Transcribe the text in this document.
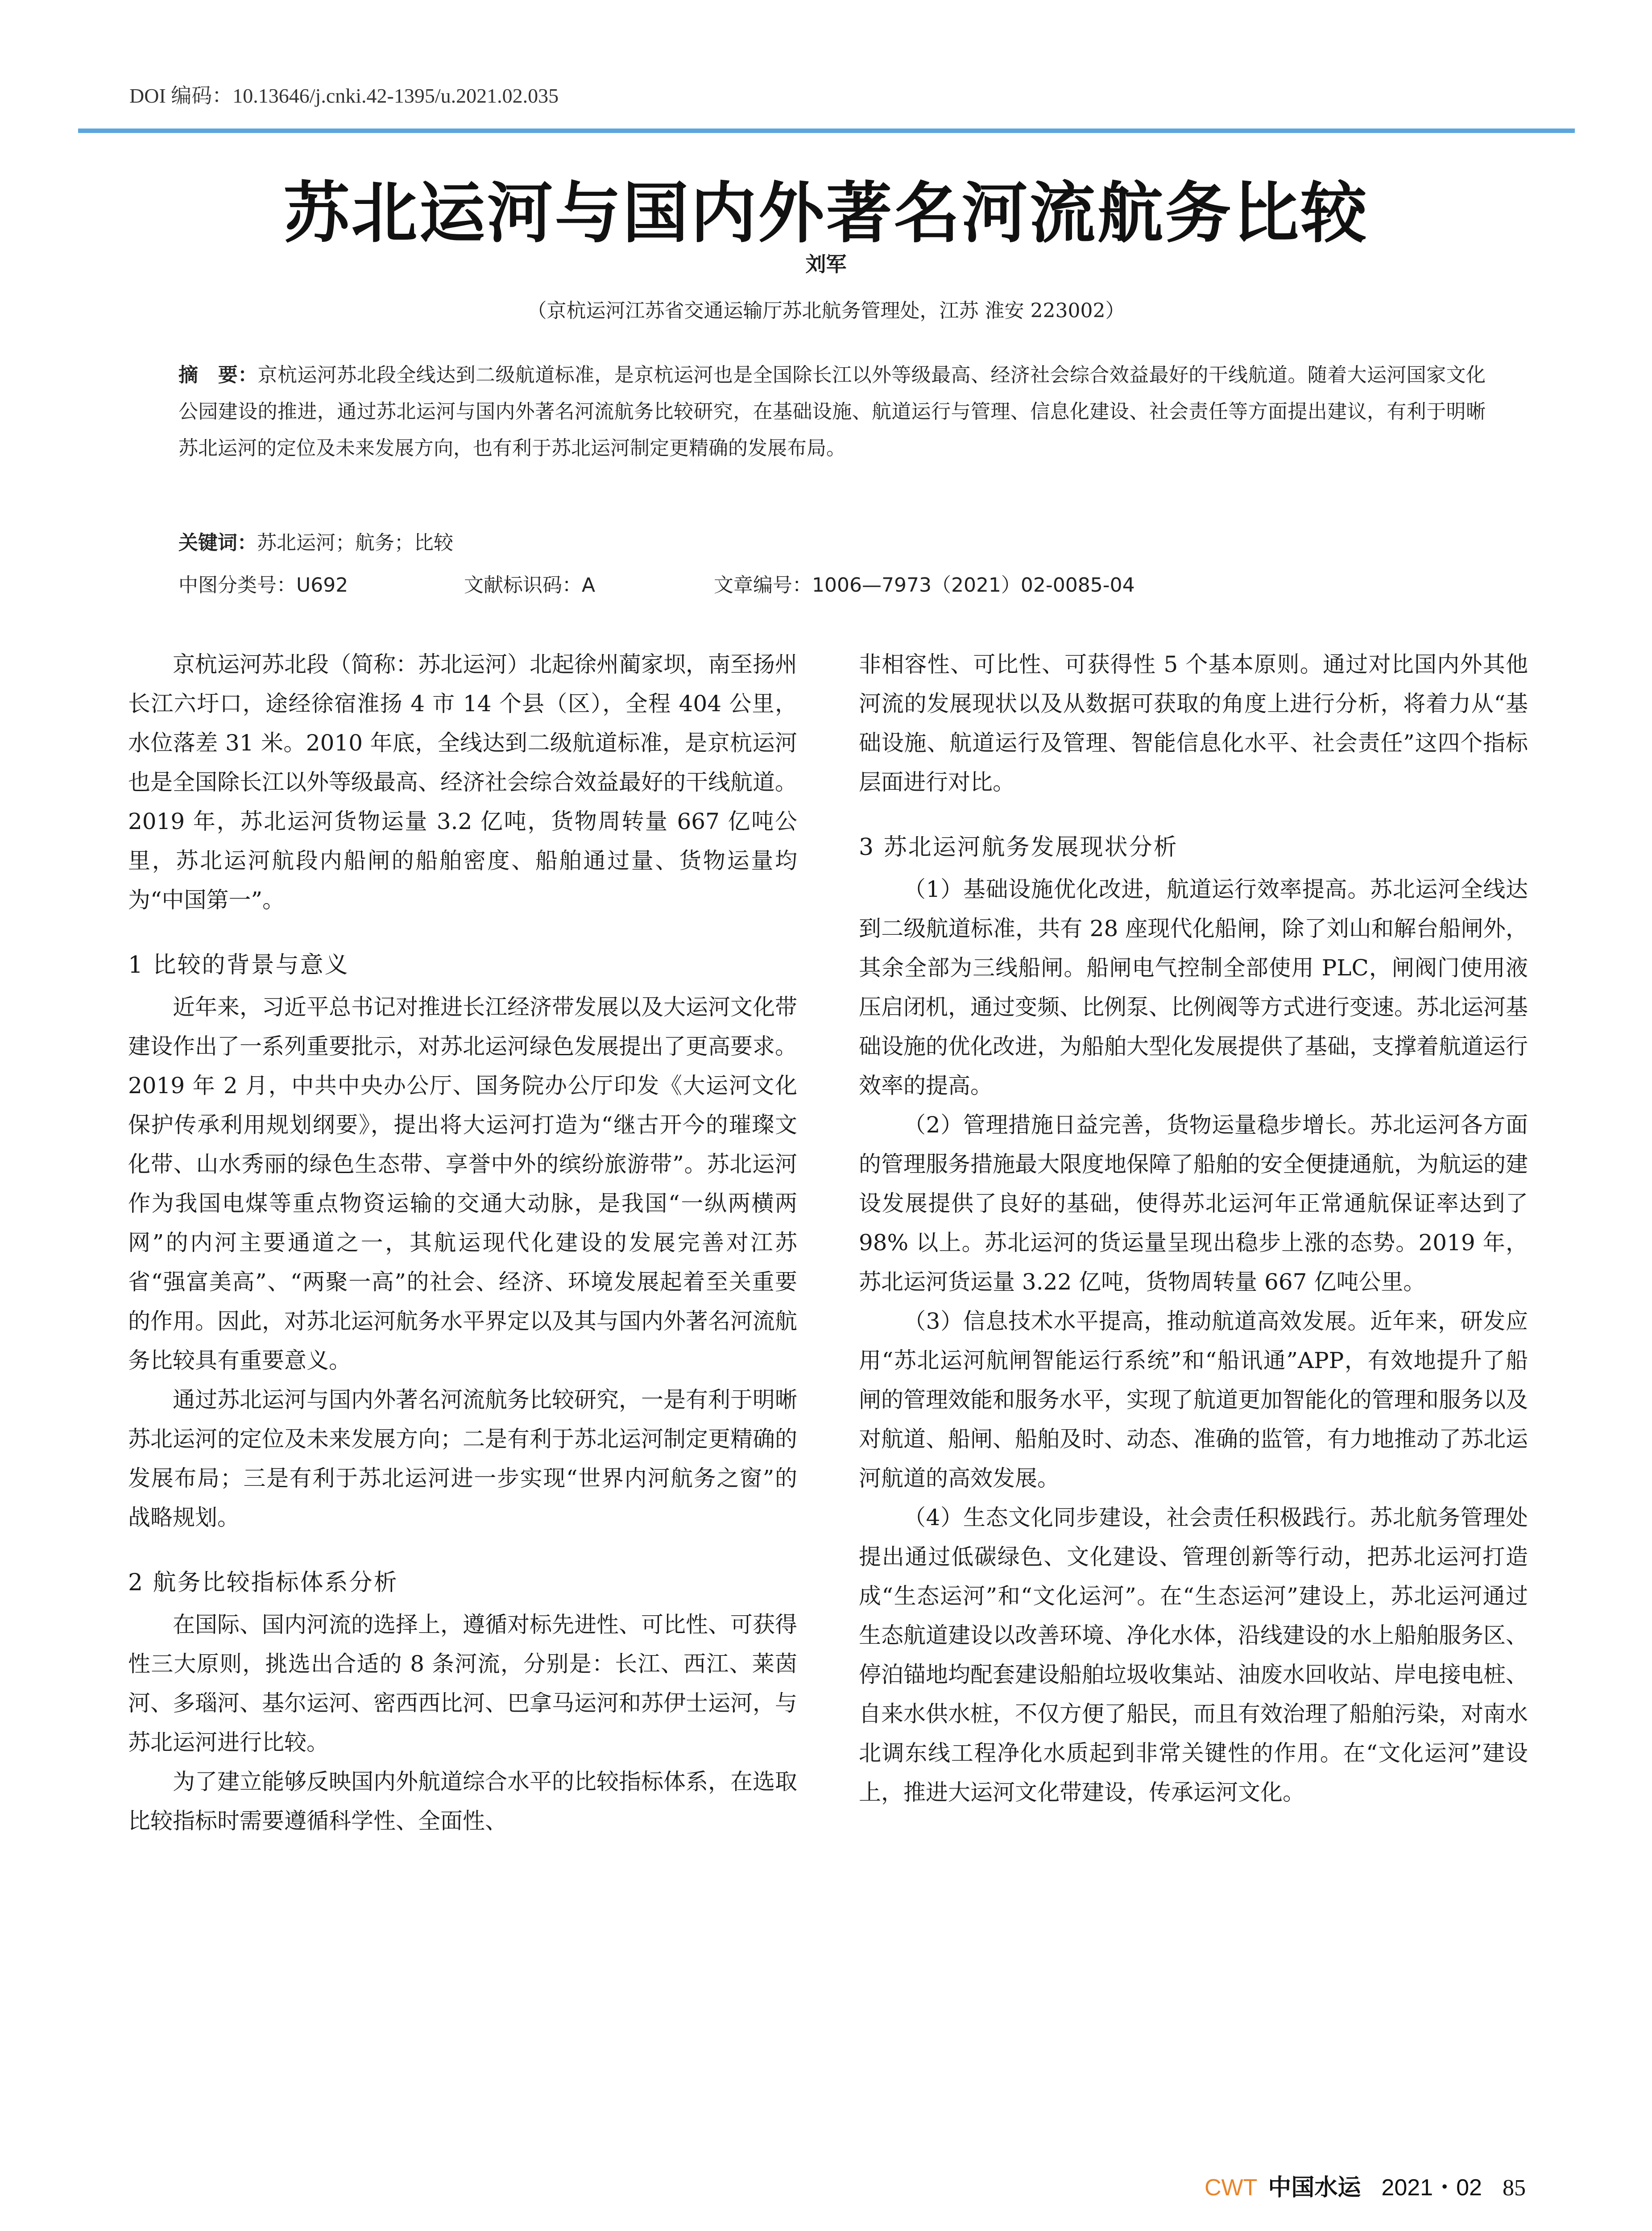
DOI 编码：10.13646/j.cnki.42-1395/u.2021.02.035
苏北运河与国内外著名河流航务比较
刘军
（京杭运河江苏省交通运输厅苏北航务管理处，江苏 淮安 223002）
摘　要：京杭运河苏北段全线达到二级航道标准，是京杭运河也是全国除长江以外等级最高、经济社会综合效益最好的干线航道。随着大运河国家文化公园建设的推进，通过苏北运河与国内外著名河流航务比较研究，在基础设施、航道运行与管理、信息化建设、社会责任等方面提出建议，有利于明晰苏北运河的定位及未来发展方向，也有利于苏北运河制定更精确的发展布局。
关键词：苏北运河；航务；比较
中图分类号：U692	文献标识码：A	文章编号：1006—7973（2021）02-0085-04

京杭运河苏北段（简称：苏北运河）北起徐州蔺家坝，南至扬州长江六圩口，途经徐宿淮扬 4 市 14 个县（区），全程 404 公里，水位落差 31 米。2010 年底，全线达到二级航道标准，是京杭运河也是全国除长江以外等级最高、经济社会综合效益最好的干线航道。2019 年，苏北运河货物运量 3.2 亿吨，货物周转量 667 亿吨公里，苏北运河航段内船闸的船舶密度、船舶通过量、货物运量均为“中国第一”。

1 比较的背景与意义

近年来，习近平总书记对推进长江经济带发展以及大运河文化带建设作出了一系列重要批示，对苏北运河绿色发展提出了更高要求。2019 年 2 月，中共中央办公厅、国务院办公厅印发《大运河文化保护传承利用规划纲要》，提出将大运河打造为“继古开今的璀璨文化带、山水秀丽的绿色生态带、享誉中外的缤纷旅游带”。苏北运河作为我国电煤等重点物资运输的交通大动脉，是我国“一纵两横两网”的内河主要通道之一，其航运现代化建设的发展完善对江苏省“强富美高”、“两聚一高”的社会、经济、环境发展起着至关重要的作用。因此，对苏北运河航务水平界定以及其与国内外著名河流航务比较具有重要意义。

通过苏北运河与国内外著名河流航务比较研究，一是有利于明晰苏北运河的定位及未来发展方向；二是有利于苏北运河制定更精确的发展布局；三是有利于苏北运河进一步实现“世界内河航务之窗”的战略规划。

2 航务比较指标体系分析

在国际、国内河流的选择上，遵循对标先进性、可比性、可获得性三大原则，挑选出合适的 8 条河流，分别是：长江、西江、莱茵河、多瑙河、基尔运河、密西西比河、巴拿马运河和苏伊士运河，与苏北运河进行比较。

为了建立能够反映国内外航道综合水平的比较指标体系，在选取比较指标时需要遵循科学性、全面性、

非相容性、可比性、可获得性 5 个基本原则。通过对比国内外其他河流的发展现状以及从数据可获取的角度上进行分析，将着力从“基础设施、航道运行及管理、智能信息化水平、社会责任”这四个指标层面进行对比。

3 苏北运河航务发展现状分析

（1）基础设施优化改进，航道运行效率提高。苏北运河全线达到二级航道标准，共有 28 座现代化船闸，除了刘山和解台船闸外，其余全部为三线船闸。船闸电气控制全部使用 PLC，闸阀门使用液压启闭机，通过变频、比例泵、比例阀等方式进行变速。苏北运河基础设施的优化改进，为船舶大型化发展提供了基础，支撑着航道运行效率的提高。

（2）管理措施日益完善，货物运量稳步增长。苏北运河各方面的管理服务措施最大限度地保障了船舶的安全便捷通航，为航运的建设发展提供了良好的基础，使得苏北运河年正常通航保证率达到了 98% 以上。苏北运河的货运量呈现出稳步上涨的态势。2019 年，苏北运河货运量 3.22 亿吨，货物周转量 667 亿吨公里。

（3）信息技术水平提高，推动航道高效发展。近年来，研发应用“苏北运河航闸智能运行系统”和“船讯通”APP，有效地提升了船闸的管理效能和服务水平，实现了航道更加智能化的管理和服务以及对航道、船闸、船舶及时、动态、准确的监管，有力地推动了苏北运河航道的高效发展。

（4）生态文化同步建设，社会责任积极践行。苏北航务管理处提出通过低碳绿色、文化建设、管理创新等行动，把苏北运河打造成“生态运河”和“文化运河”。在“生态运河”建设上，苏北运河通过生态航道建设以改善环境、净化水体，沿线建设的水上船舶服务区、停泊锚地均配套建设船舶垃圾收集站、油废水回收站、岸电接电桩、自来水供水桩，不仅方便了船民，而且有效治理了船舶污染，对南水北调东线工程净化水质起到非常关键性的作用。在“文化运河”建设上，推进大运河文化带建设，传承运河文化。

CWT 中国水运 2021・02 85
